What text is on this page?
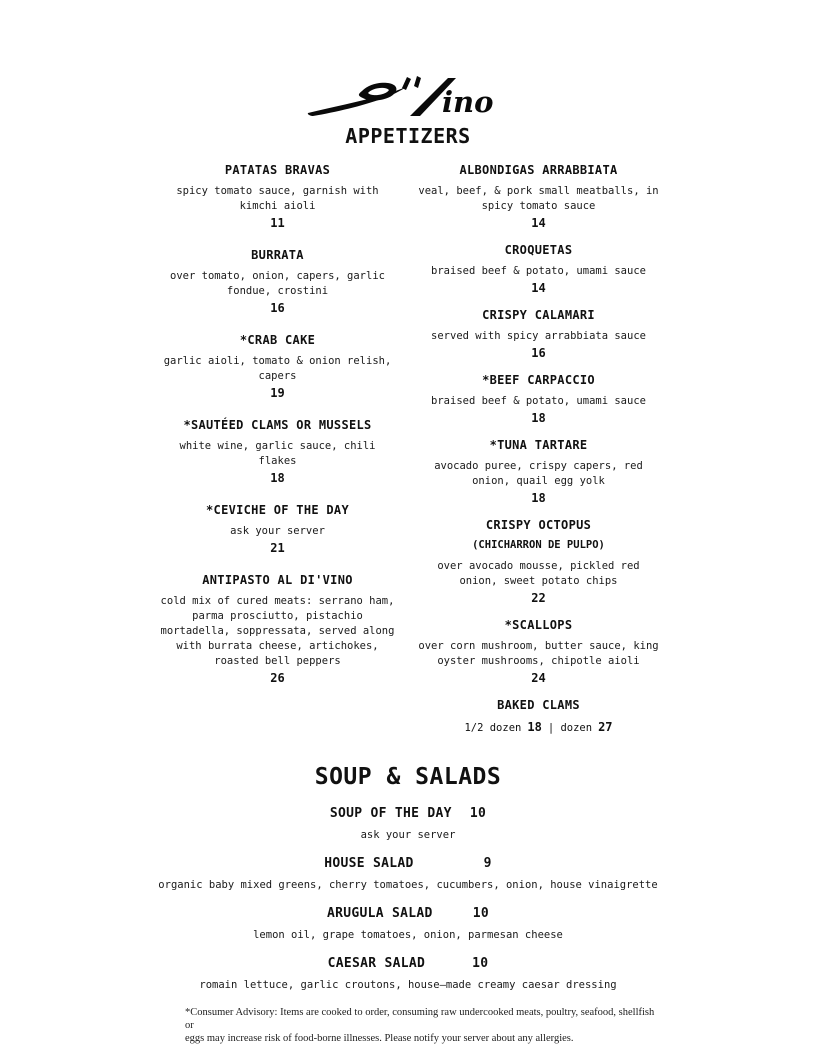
ino
APPETIZERS
PATATAS BRAVAS
spicy tomato sauce, garnish with
kimchi aioli
11
BURRATA
over tomato, onion, capers, garlic
fondue, crostini
16
*CRAB CAKE
garlic aioli, tomato & onion relish,
capers
19
*SAUTÉED CLAMS OR MUSSELS
white wine, garlic sauce, chili
flakes
18
*CEVICHE OF THE DAY
ask your server
21
ANTIPASTO AL DI'VINO
cold mix of cured meats: serrano ham,
parma prosciutto, pistachio
mortadella, soppressata, served along
with burrata cheese, artichokes,
roasted bell peppers
26
ALBONDIGAS ARRABBIATA
veal, beef, & pork small meatballs, in
spicy tomato sauce
14
CROQUETAS
braised beef & potato, umami sauce
14
CRISPY CALAMARI
served with spicy arrabbiata sauce
16
*BEEF CARPACCIO
braised beef & potato, umami sauce
18
*TUNA TARTARE
avocado puree, crispy capers, red
onion, quail egg yolk
18
CRISPY OCTOPUS
(CHICHARRON DE PULPO)
over avocado mousse, pickled red
onion, sweet potato chips
22
*SCALLOPS
over corn mushroom, butter sauce, king
oyster mushrooms, chipotle aioli
24
BAKED CLAMS
1/2 dozen 18 | dozen 27
SOUP & SALADS
SOUP OF THE DAY 10
ask your server
HOUSE SALAD	9
organic baby mixed greens, cherry tomatoes, cucumbers, onion, house vinaigrette
ARUGULA SALAD	10
lemon oil, grape tomatoes, onion, parmesan cheese
CAESAR SALAD	10
romain lettuce, garlic croutons, house–made creamy caesar dressing

*Consumer Advisory: Items are cooked to order, consuming raw undercooked meats, poultry, seafood, shellfish or

eggs may increase risk of food-borne illnesses. Please notify your server about any allergies.
